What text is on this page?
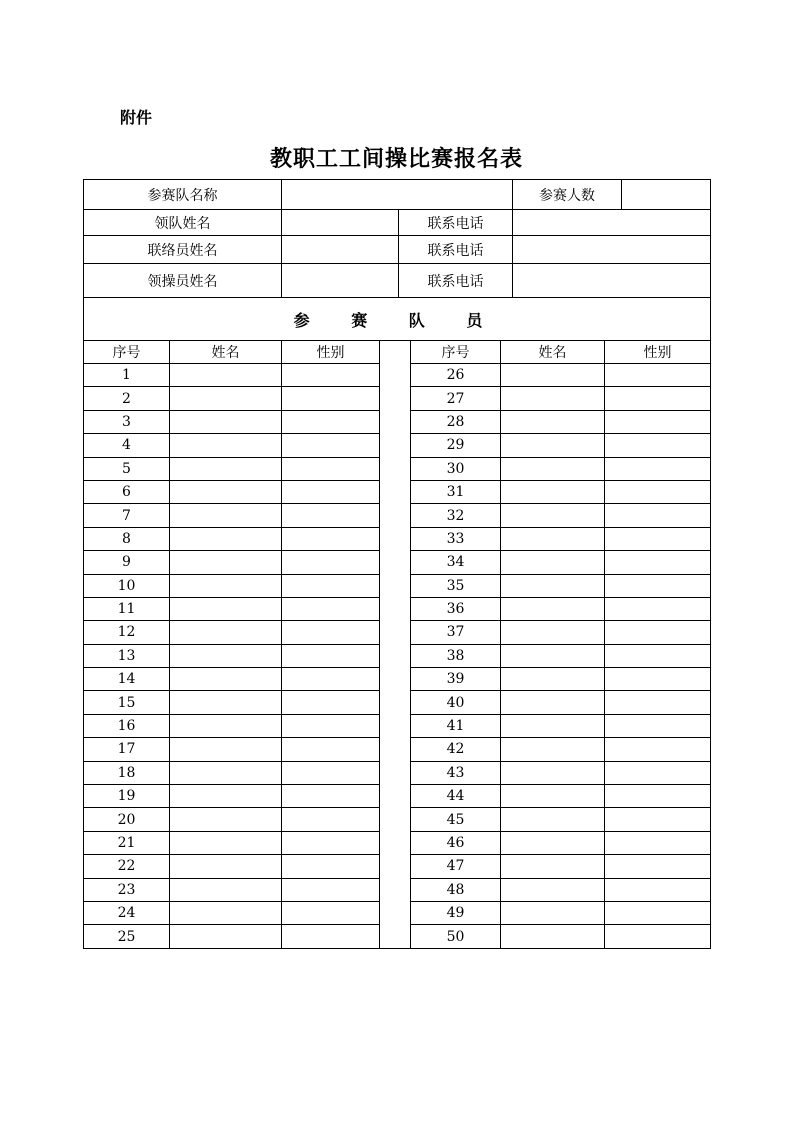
附件
教职工工间操比赛报名表
参赛队名称			参赛人数	
领队姓名		联系电话		
联络员姓名		联系电话		
领操员姓名		联系电话		
参 赛 队 员				
序号	姓名	性别		序号	姓名	性别
1				26		
2				27		
3				28		
4				29		
5				30		
6				31		
7				32		
8				33		
9				34		
10				35		
11				36		
12				37		
13				38		
14				39		
15				40		
16				41		
17				42		
18				43		
19				44		
20				45		
21				46		
22				47		
23				48		
24				49		
25				50		
